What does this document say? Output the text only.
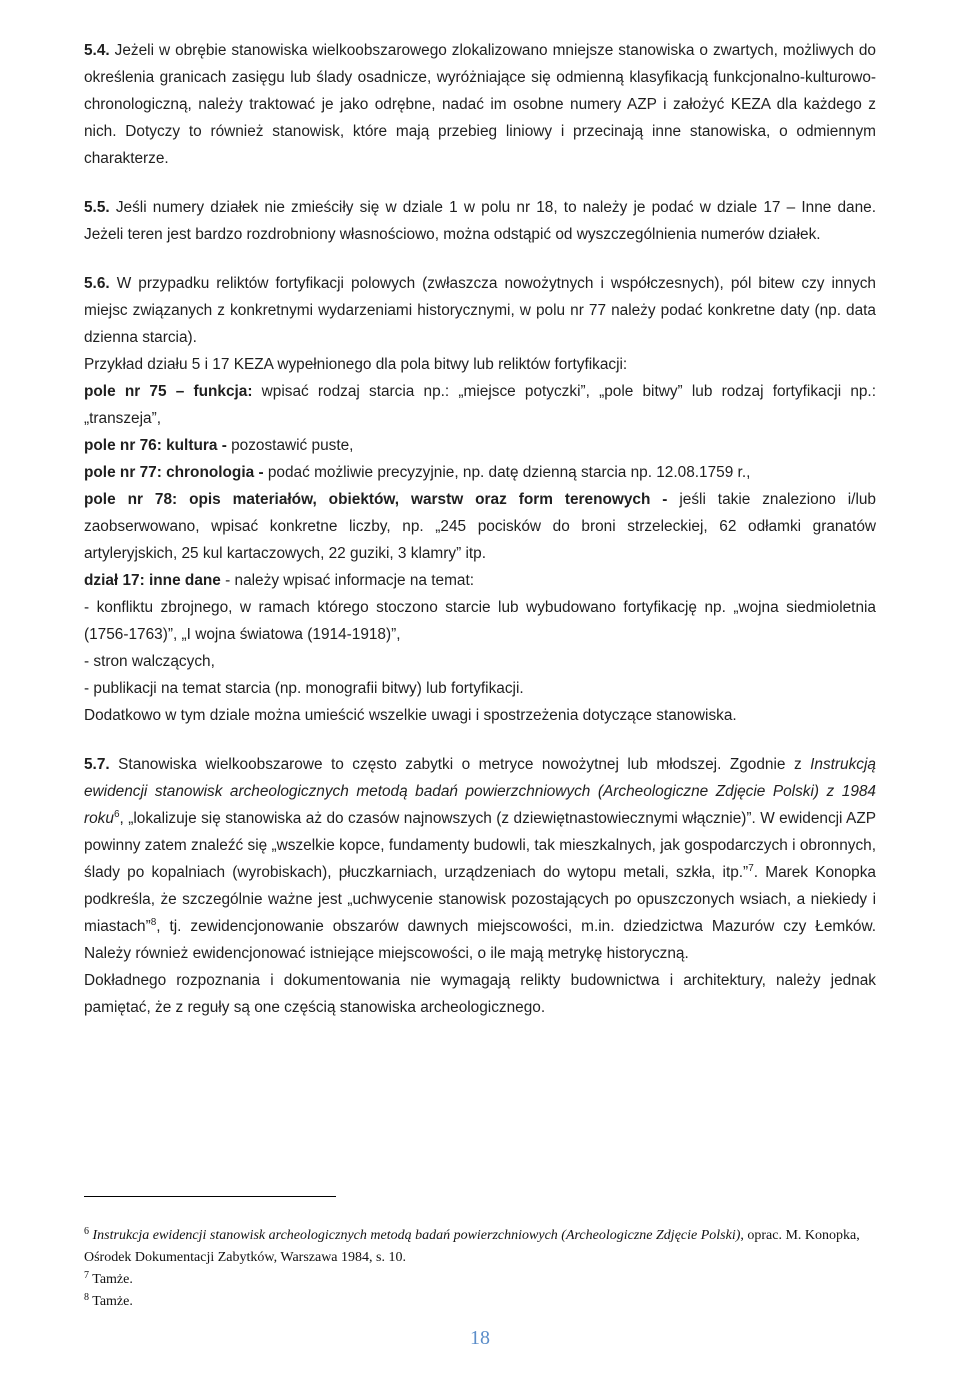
5.4. Jeżeli w obrębie stanowiska wielkoobszarowego zlokalizowano mniejsze stanowiska o zwartych, możliwych do określenia granicach zasięgu lub ślady osadnicze, wyróżniające się odmienną klasyfikacją funkcjonalno-kulturowo-chronologiczną, należy traktować je jako odrębne, nadać im osobne numery AZP i założyć KEZA dla każdego z nich. Dotyczy to również stanowisk, które mają przebieg liniowy i przecinają inne stanowiska, o odmiennym charakterze.

5.5. Jeśli numery działek nie zmieściły się w dziale 1 w polu nr 18, to należy je podać w dziale 17 – Inne dane. Jeżeli teren jest bardzo rozdrobniony własnościowo, można odstąpić od wyszczególnienia numerów działek.

5.6. W przypadku reliktów fortyfikacji polowych (zwłaszcza nowożytnych i współczesnych), pól bitew czy innych miejsc związanych z konkretnymi wydarzeniami historycznymi, w polu nr 77 należy podać konkretne daty (np. data dzienna starcia).

Przykład działu 5 i 17 KEZA wypełnionego dla pola bitwy lub reliktów fortyfikacji:

pole nr 75 – funkcja: wpisać rodzaj starcia np.: „miejsce potyczki”, „pole bitwy” lub rodzaj fortyfikacji np.: „transzeja”,

pole nr 76: kultura - pozostawić puste,

pole nr 77: chronologia - podać możliwie precyzyjnie, np. datę dzienną starcia np. 12.08.1759 r.,

pole nr 78: opis materiałów, obiektów, warstw oraz form terenowych - jeśli takie znaleziono i/lub zaobserwowano, wpisać konkretne liczby, np. „245 pocisków do broni strzeleckiej, 62 odłamki granatów artyleryjskich, 25 kul kartaczowych, 22 guziki, 3 klamry” itp.

dział 17: inne dane - należy wpisać informacje na temat:

- konfliktu zbrojnego, w ramach którego stoczono starcie lub wybudowano fortyfikację np. „wojna siedmioletnia (1756-1763)”, „I wojna światowa (1914-1918)”,

- stron walczących,

- publikacji na temat starcia (np. monografii bitwy) lub fortyfikacji.

Dodatkowo w tym dziale można umieścić wszelkie uwagi i spostrzeżenia dotyczące stanowiska.

5.7. Stanowiska wielkoobszarowe to często zabytki o metryce nowożytnej lub młodszej. Zgodnie z Instrukcją ewidencji stanowisk archeologicznych metodą badań powierzchniowych (Archeologiczne Zdjęcie Polski) z 1984 roku$^6$, „lokalizuje się stanowiska aż do czasów najnowszych (z dziewiętnastowiecznymi włącznie)”. W ewidencji AZP powinny zatem znaleźć się „wszelkie kopce, fundamenty budowli, tak mieszkalnych, jak gospodarczych i obronnych, ślady po kopalniach (wyrobiskach), płuczkarniach, urządzeniach do wytopu metali, szkła, itp.”$^7$. Marek Konopka podkreśla, że szczególnie ważne jest „uchwycenie stanowisk pozostających po opuszczonych wsiach, a niekiedy i miastach”$^8$, tj. zewidencjonowanie obszarów dawnych miejscowości, m.in. dziedzictwa Mazurów czy Łemków. Należy również ewidencjonować istniejące miejscowości, o ile mają metrykę historyczną.

Dokładnego rozpoznania i dokumentowania nie wymagają relikty budownictwa i architektury, należy jednak pamiętać, że z reguły są one częścią stanowiska archeologicznego.

$^6$ Instrukcja ewidencji stanowisk archeologicznych metodą badań powierzchniowych (Archeologiczne Zdjęcie Polski), oprac. M. Konopka, Ośrodek Dokumentacji Zabytków, Warszawa 1984, s. 10.

$^7$ Tamże.

$^8$ Tamże.

18
